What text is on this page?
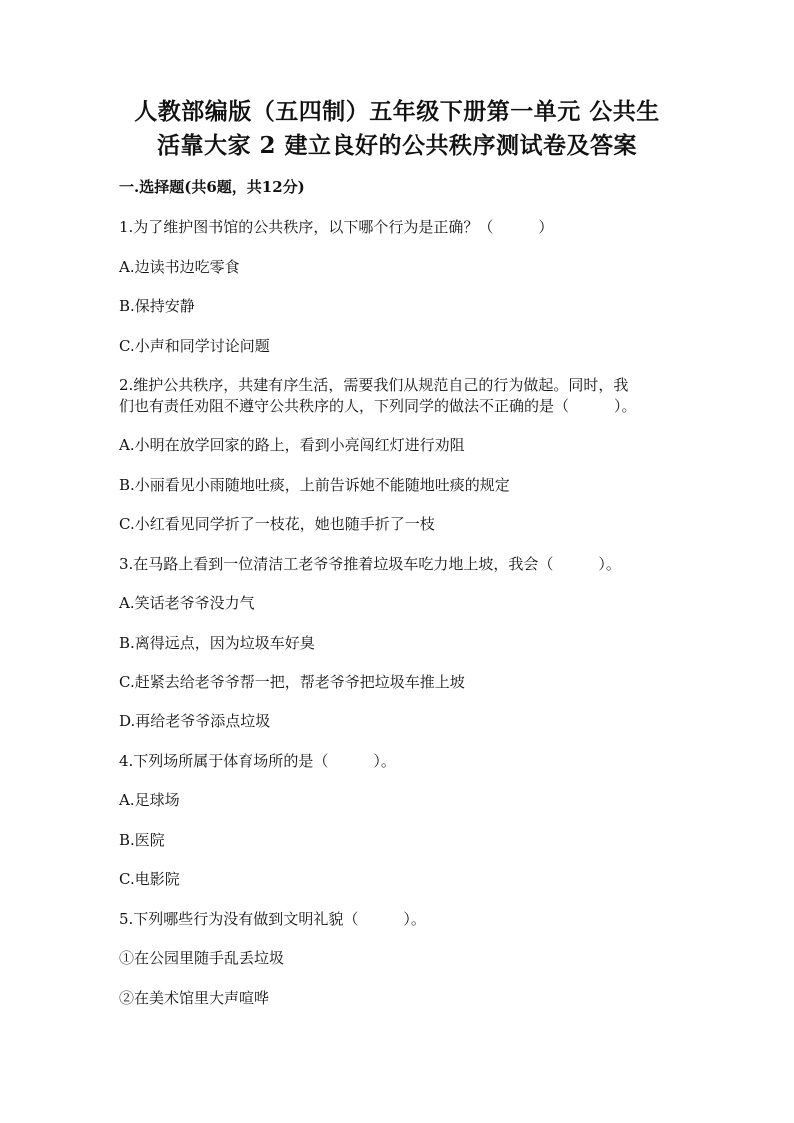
人教部编版（五四制）五年级下册第一单元 公共生
活靠大家 2 建立良好的公共秩序测试卷及答案
一.选择题(共6题，共12分)
1.为了维护图书馆的公共秩序，以下哪个行为是正确？（　　　）
A.边读书边吃零食
B.保持安静
C.小声和同学讨论问题
2.维护公共秩序，共建有序生活，需要我们从规范自己的行为做起。同时，我
们也有责任劝阻不遵守公共秩序的人，下列同学的做法不正确的是（　　　）。
A.小明在放学回家的路上，看到小亮闯红灯进行劝阻
B.小丽看见小雨随地吐痰，上前告诉她不能随地吐痰的规定
C.小红看见同学折了一枝花，她也随手折了一枝
3.在马路上看到一位清洁工老爷爷推着垃圾车吃力地上坡，我会（　　　）。
A.笑话老爷爷没力气
B.离得远点，因为垃圾车好臭
C.赶紧去给老爷爷帮一把，帮老爷爷把垃圾车推上坡
D.再给老爷爷添点垃圾
4.下列场所属于体育场所的是（　　　）。
A.足球场
B.医院
C.电影院
5.下列哪些行为没有做到文明礼貌（　　　）。
①在公园里随手乱丢垃圾
②在美术馆里大声喧哗
